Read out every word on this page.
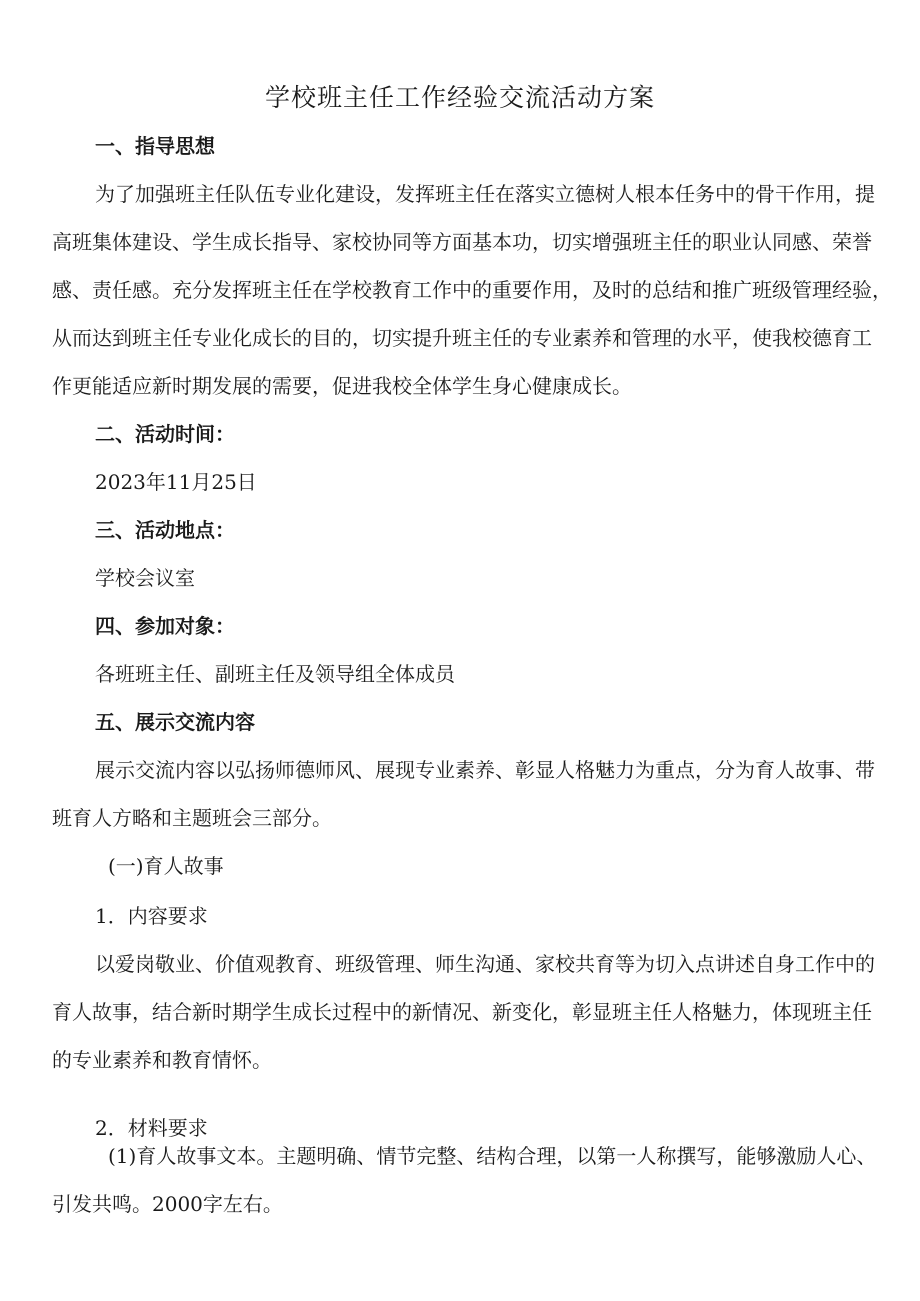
学校班主任工作经验交流活动方案
一、指导思想
为了加强班主任队伍专业化建设，发挥班主任在落实立德树人根本任务中的骨干作用，提
高班集体建设、学生成长指导、家校协同等方面基本功，切实增强班主任的职业认同感、荣誉
感、责任感。充分发挥班主任在学校教育工作中的重要作用，及时的总结和推广班级管理经验，
从而达到班主任专业化成长的目的，切实提升班主任的专业素养和管理的水平，使我校德育工
作更能适应新时期发展的需要，促进我校全体学生身心健康成长。
二、活动时间：
2023年11月25日
三、活动地点：
学校会议室
四、参加对象：
各班班主任、副班主任及领导组全体成员
五、展示交流内容
展示交流内容以弘扬师德师风、展现专业素养、彰显人格魅力为重点，分为育人故事、带
班育人方略和主题班会三部分。
(一)育人故事
1．内容要求
以爱岗敬业、价值观教育、班级管理、师生沟通、家校共育等为切入点讲述自身工作中的
育人故事，结合新时期学生成长过程中的新情况、新变化，彰显班主任人格魅力，体现班主任
的专业素养和教育情怀。
2．材料要求
(1)育人故事文本。主题明确、情节完整、结构合理，以第一人称撰写，能够激励人心、
引发共鸣。2000字左右。
